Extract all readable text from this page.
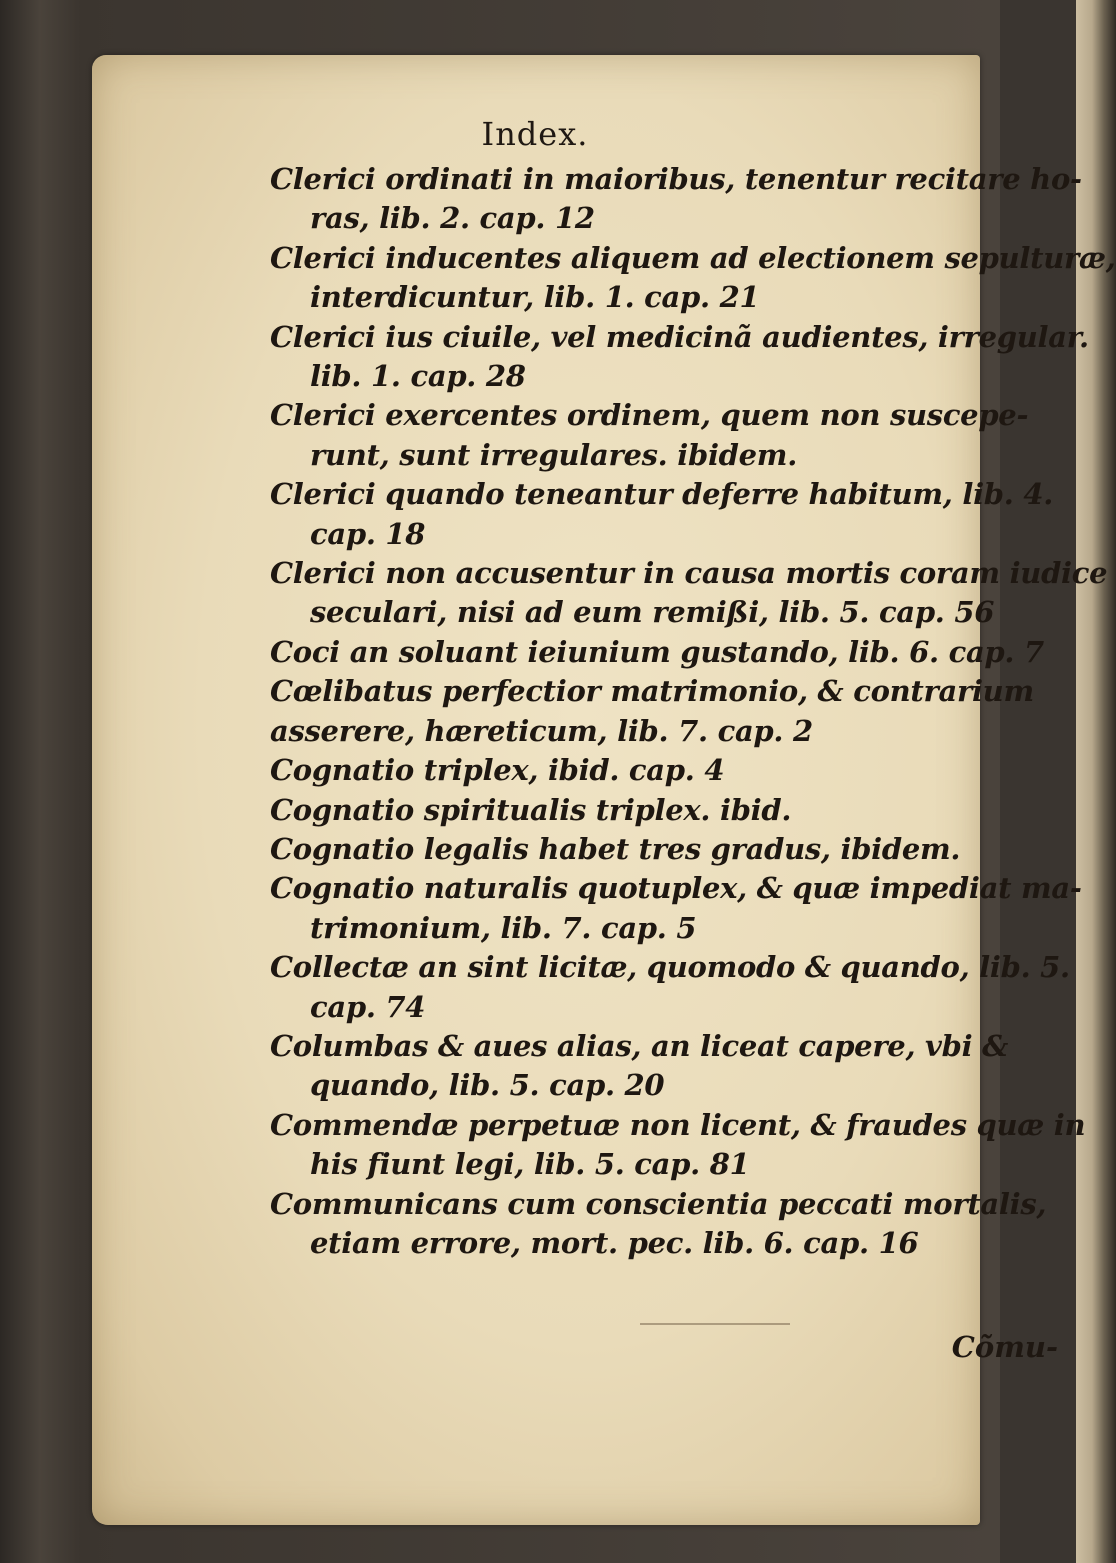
Index.
Clerici ordinati in maioribus, tenentur recitare ho-
ras, lib. 2. cap. 12
Clerici inducentes aliquem ad electionem sepulturæ,
interdicuntur, lib. 1. cap. 21
Clerici ius ciuile, vel medicinã audientes, irregular.
lib. 1. cap. 28
Clerici exercentes ordinem, quem non suscepe-
runt, sunt irregulares. ibidem.
Clerici quando teneantur deferre habitum, lib. 4.
cap. 18
Clerici non accusentur in causa mortis coram iudice
seculari, nisi ad eum remißi, lib. 5. cap. 56
Coci an soluant ieiunium gustando, lib. 6. cap. 7
Cœlibatus perfectior matrimonio, & contrarium
asserere, hæreticum, lib. 7. cap. 2
Cognatio triplex, ibid. cap. 4
Cognatio spiritualis triplex. ibid.
Cognatio legalis habet tres gradus, ibidem.
Cognatio naturalis quotuplex, & quæ impediat ma-
trimonium, lib. 7. cap. 5
Collectæ an sint licitæ, quomodo & quando, lib. 5.
cap. 74
Columbas & aues alias, an liceat capere, vbi &
quando, lib. 5. cap. 20
Commendæ perpetuæ non licent, & fraudes quæ in
his fiunt legi, lib. 5. cap. 81
Communicans cum conscientia peccati mortalis,
etiam errore, mort. pec. lib. 6. cap. 16
Cõmu-
